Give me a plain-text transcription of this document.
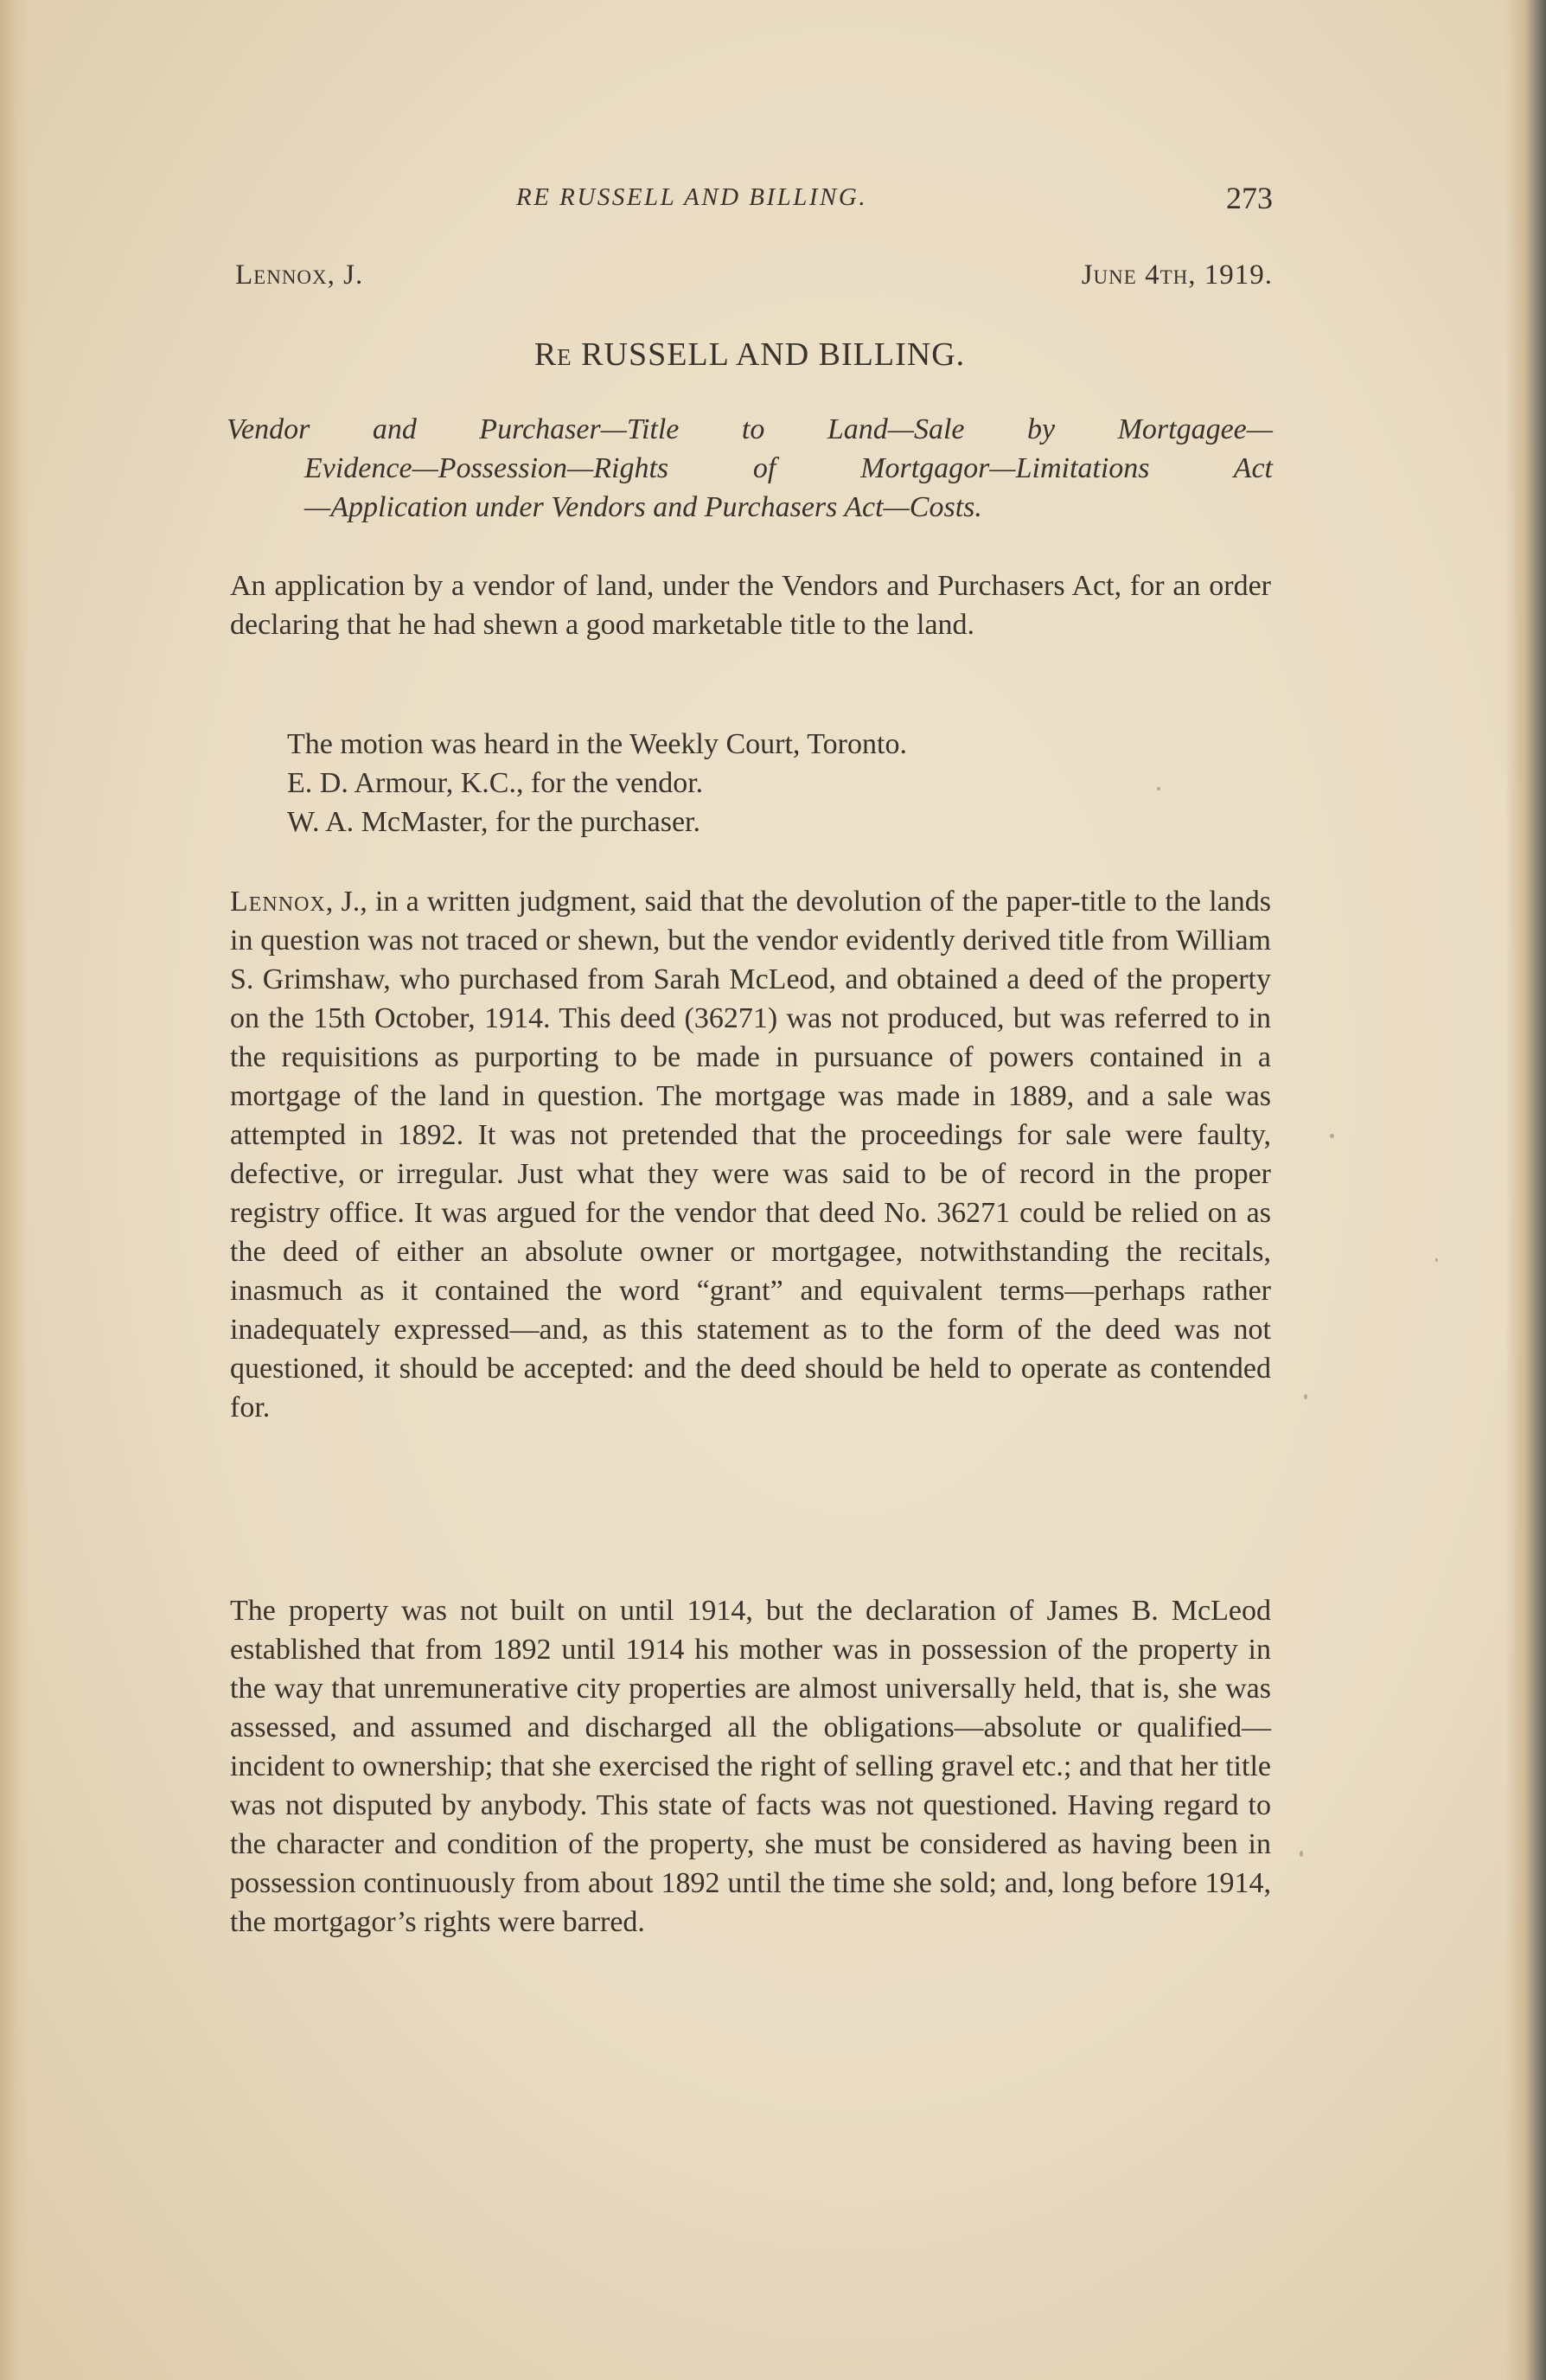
RE RUSSELL AND BILLING.	273
Lennox, J.	June 4th, 1919.
Re RUSSELL AND BILLING.
Vendor and Purchaser—Title to Land—Sale by Mortgagee—
Evidence—Possession—Rights of Mortgagor—Limitations Act
—Application under Vendors and Purchasers Act—Costs.

An application by a vendor of land, under the Vendors and Purchasers Act, for an order declaring that he had shewn a good marketable title to the land.

The motion was heard in the Weekly Court, Toronto.
E. D. Armour, K.C., for the vendor.
W. A. McMaster, for the purchaser.

Lennox, J., in a written judgment, said that the devolution of the paper-title to the lands in question was not traced or shewn, but the vendor evidently derived title from William S. Grimshaw, who purchased from Sarah McLeod, and obtained a deed of the property on the 15th October, 1914. This deed (36271) was not produced, but was referred to in the requisitions as purporting to be made in pursuance of powers contained in a mortgage of the land in question. The mortgage was made in 1889, and a sale was attempted in 1892. It was not pretended that the proceedings for sale were faulty, defective, or irregular. Just what they were was said to be of record in the proper registry office. It was argued for the vendor that deed No. 36271 could be relied on as the deed of either an absolute owner or mortgagee, notwithstanding the recitals, inasmuch as it contained the word “grant” and equivalent terms—perhaps rather inadequately expressed—and, as this statement as to the form of the deed was not questioned, it should be accepted: and the deed should be held to operate as contended for.

The property was not built on until 1914, but the declaration of James B. McLeod established that from 1892 until 1914 his mother was in possession of the property in the way that unremunerative city properties are almost universally held, that is, she was assessed, and assumed and discharged all the obligations—absolute or qualified—incident to ownership; that she exercised the right of selling gravel etc.; and that her title was not disputed by anybody. This state of facts was not questioned. Having regard to the character and condition of the property, she must be considered as having been in possession continuously from about 1892 until the time she sold; and, long before 1914, the mortgagor’s rights were barred.
